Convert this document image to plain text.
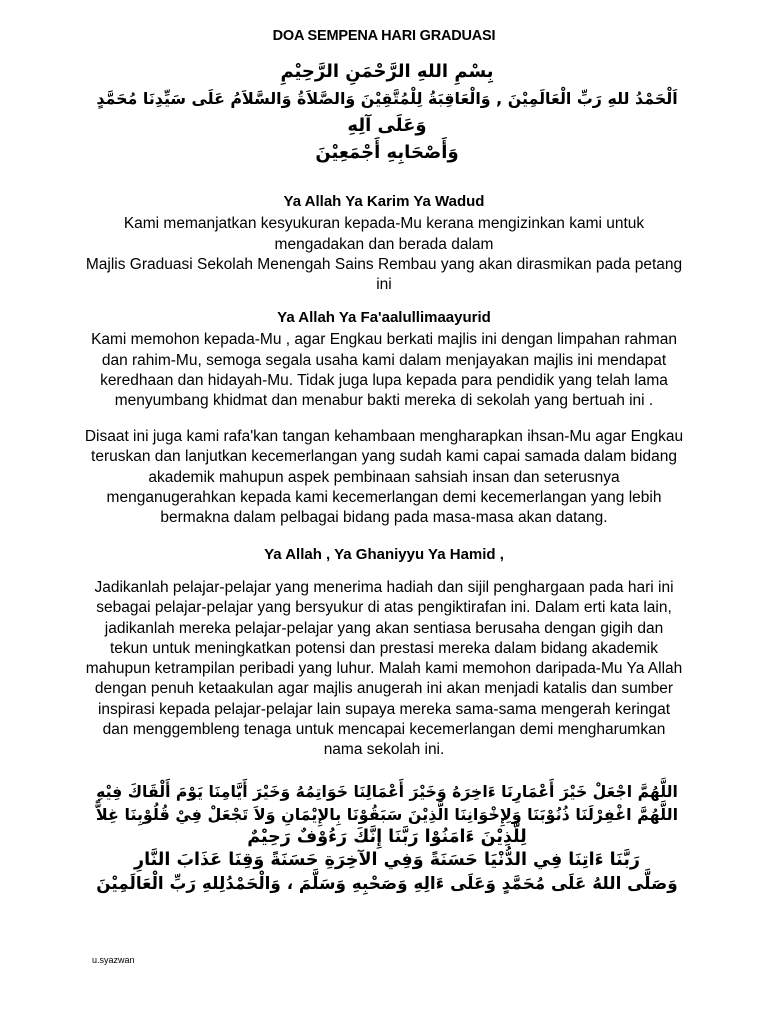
DOA SEMPENA HARI GRADUASI
بِسْمِ اللهِ الرَّحْمَنِ الرَّحِيْمِ
اَلْحَمْدُ للهِ رَبِّ الْعَالَمِيْنَ , وَالْعَاقِبَةُ لِلْمُتَّقِيْنَ وَالصَّلاَةُ وَالسَّلاَمُ عَلَى سَيِّدِنَا مُحَمَّدٍ
وَعَلَى آلِهِ
وَأَصْحَابِهِ أَجْمَعِيْنَ
Ya Allah Ya Karim Ya Wadud

Kami memanjatkan kesyukuran kepada-Mu kerana mengizinkan kami untuk mengadakan dan berada dalam
Majlis Graduasi Sekolah Menengah Sains Rembau yang akan dirasmikan pada petang ini

Ya Allah Ya Fa'aalullimaayurid

Kami memohon kepada-Mu , agar Engkau berkati majlis ini dengan limpahan rahman dan rahim-Mu, semoga segala usaha kami dalam menjayakan majlis ini mendapat keredhaan dan hidayah-Mu. Tidak juga lupa kepada para pendidik yang telah lama menyumbang khidmat dan menabur bakti mereka di sekolah yang bertuah ini .

Disaat ini juga kami rafa'kan tangan kehambaan mengharapkan ihsan-Mu agar Engkau teruskan dan lanjutkan kecemerlangan yang sudah kami capai samada dalam bidang akademik mahupun aspek pembinaan sahsiah insan dan seterusnya menganugerahkan kepada kami kecemerlangan demi kecemerlangan yang lebih bermakna dalam pelbagai bidang pada masa-masa akan datang.

Ya Allah , Ya Ghaniyyu Ya Hamid ,

Jadikanlah pelajar-pelajar yang menerima hadiah dan sijil penghargaan pada hari ini sebagai pelajar-pelajar yang bersyukur di atas pengiktirafan ini. Dalam erti kata lain, jadikanlah mereka pelajar-pelajar yang akan sentiasa berusaha dengan gigih dan tekun untuk meningkatkan potensi dan prestasi mereka dalam bidang akademik mahupun ketrampilan peribadi yang luhur. Malah kami memohon daripada-Mu Ya Allah dengan penuh ketaakulan agar majlis anugerah ini akan menjadi katalis dan sumber inspirasi kepada pelajar-pelajar lain supaya mereka sama-sama mengerah keringat dan menggembleng tenaga untuk mencapai kecemerlangan demi mengharumkan nama sekolah ini.

اللَّهُمَّ اجْعَلْ خَيْرَ أَعْمَارِنَا ءَاخِرَهُ وَخَيْرَ أَعْمَالِنَا خَوَاتِمُهُ وَخَيْرَ أَيَّامِنَا يَوْمَ أَلْقَاكَ فِيْهِ
اللَّهُمَّ اغْفِرْلَنَا ذُنُوْبَنَا وَلِإِخْوَانِنَا الَّذِيْنَ سَبَقُوْنَا بِالإِيْمَانِ وَلاَ تَجْعَلْ فِيْ قُلُوْبِنَا غِلاًّ
لِلَّذِيْنَ ءَامَنُوْا رَبَّنَا إِنَّكَ رَءُوْفٌ رَحِيْمٌ
رَبَّنَا ءَاتِنَا فِي الدُّنْيَا حَسَنَةً وَفِي الآخِرَةِ حَسَنَةً وَقِنَا عَذَابَ النَّارِ
وَصَلَّى اللهُ عَلَى مُحَمَّدٍ وَعَلَى ءَالِهِ وَصَحْبِهِ وَسَلَّمَ ، وَالْحَمْدُلِلهِ رَبِّ الْعَالَمِيْنَ
u.syazwan
